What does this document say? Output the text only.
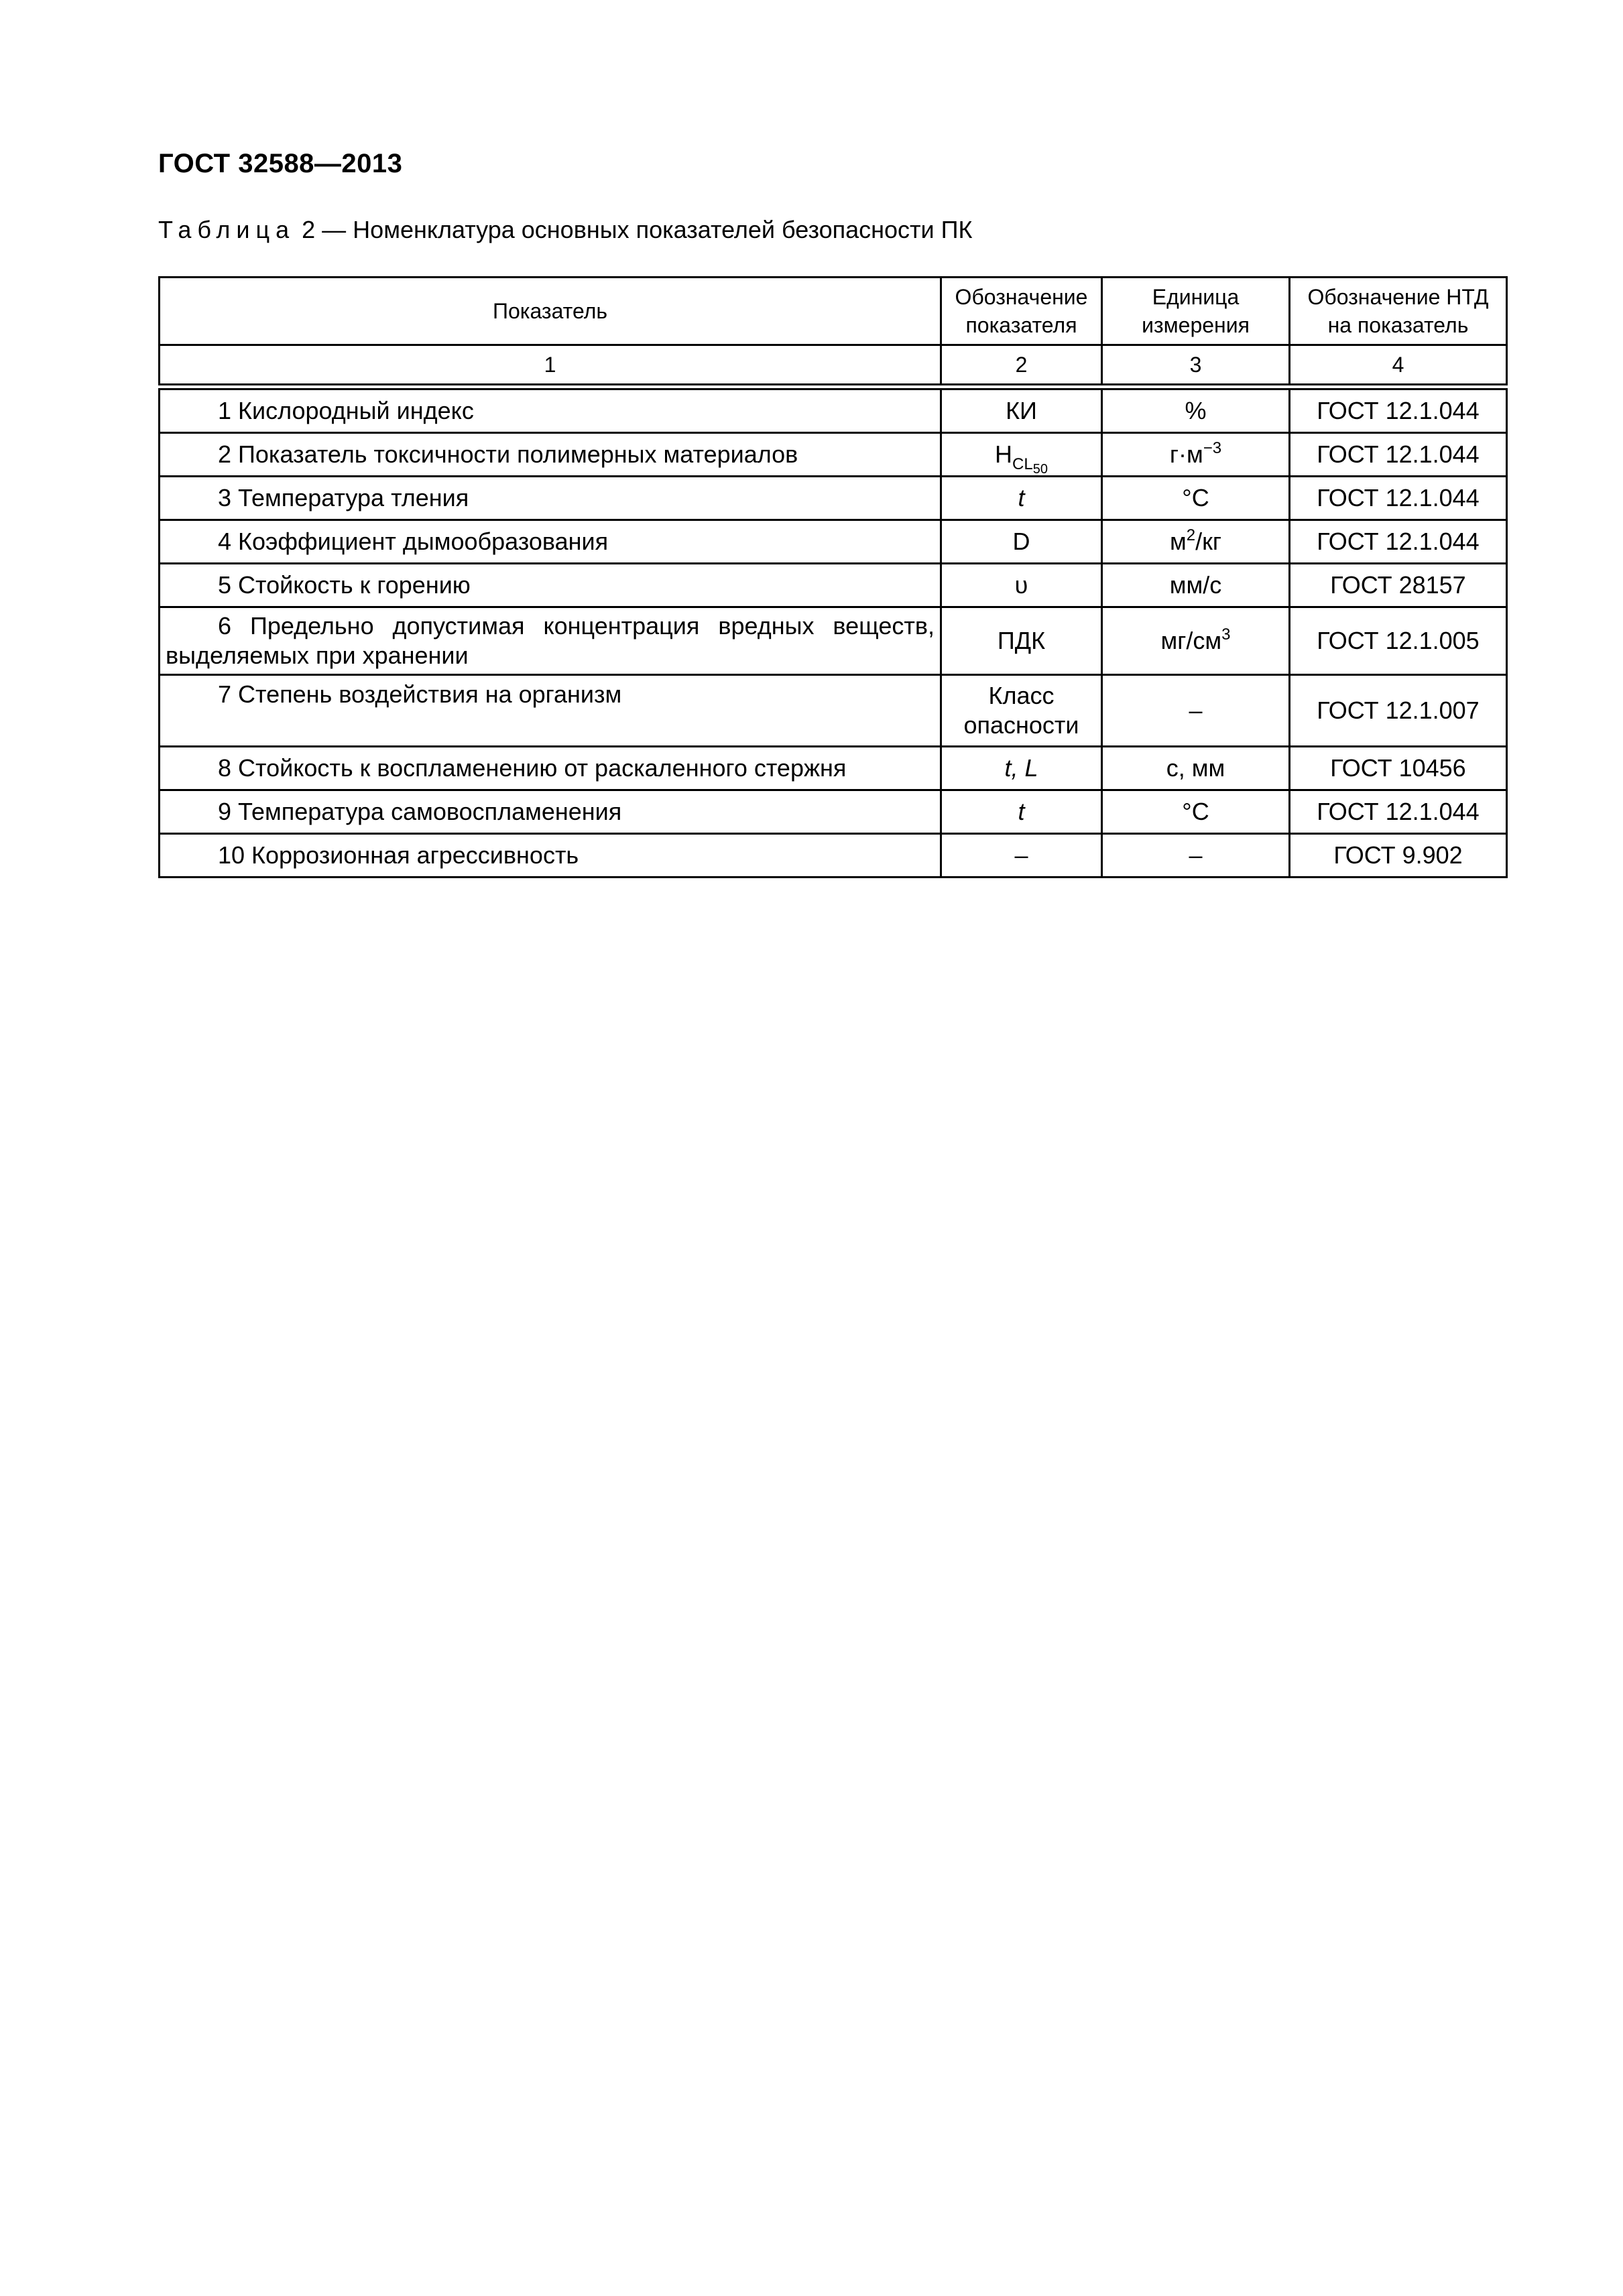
ГОСТ 32588—2013
Таблица 2 — Номенклатура основных показателей безопасности ПК
Показатель	Обозначение показателя	Единица измерения	Обозначение НТД на показатель
1	2	3	4
1 Кислородный индекс	КИ	%	ГОСТ 12.1.044
2 Показатель токсичности полимерных материалов	$H_{CL_{50}}$	$г\cdot м^{-3}$	ГОСТ 12.1.044
3 Температура тления	t	°С	ГОСТ 12.1.044
4 Коэффициент дымообразования	D	$м^2/кг$	ГОСТ 12.1.044
5 Стойкость к горению	υ	мм/с	ГОСТ 28157
6 Предельно допустимая концентрация вредных веществ, выделяемых при хранении	ПДК	$мг/см^3$	ГОСТ 12.1.005
7 Степень воздействия на организм	Класс опасности	–	ГОСТ 12.1.007
8 Стойкость к воспламенению от раскаленного стержня	t, L	с, мм	ГОСТ 10456
9 Температура самовоспламенения	t	°С	ГОСТ 12.1.044
10 Коррозионная агрессивность	–	–	ГОСТ 9.902
